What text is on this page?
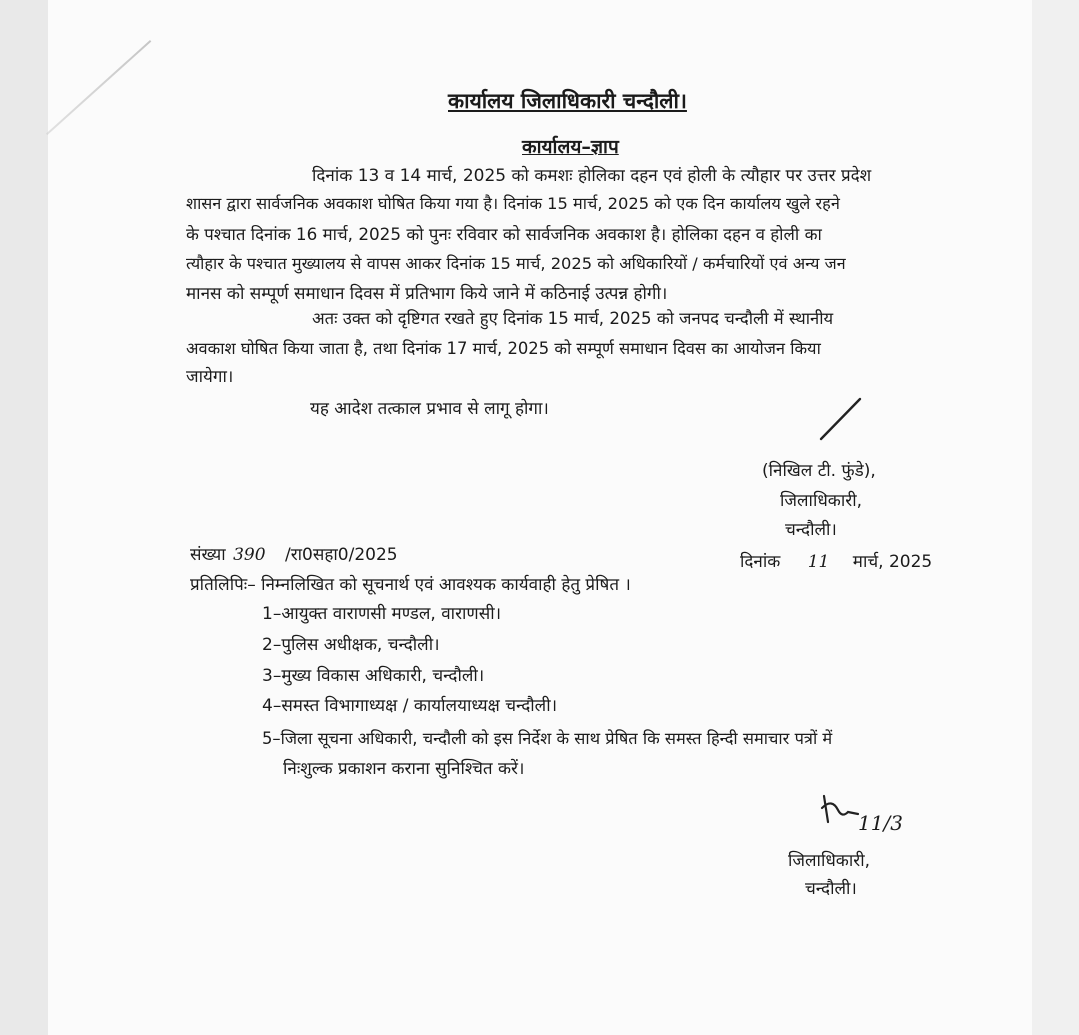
कार्यालय जिलाधिकारी चन्दौली।
कार्यालय–ज्ञाप
दिनांक 13 व 14 मार्च, 2025 को कमशः होलिका दहन एवं होली के त्यौहार पर उत्तर प्रदेश
शासन द्वारा सार्वजनिक अवकाश घोषित किया गया है। दिनांक 15 मार्च, 2025 को एक दिन कार्यालय खुले रहने
के पश्चात दिनांक 16 मार्च, 2025 को पुनः रविवार को सार्वजनिक अवकाश है। होलिका दहन व होली का
त्यौहार के पश्चात मुख्यालय से वापस आकर दिनांक 15 मार्च, 2025 को अधिकारियों / कर्मचारियों एवं अन्य जन
मानस को सम्पूर्ण समाधान दिवस में प्रतिभाग किये जाने में कठिनाई उत्पन्न होगी।
अतः उक्त को दृष्टिगत रखते हुए दिनांक 15 मार्च, 2025 को जनपद चन्दौली में स्थानीय
अवकाश घोषित किया जाता है, तथा दिनांक 17 मार्च, 2025 को सम्पूर्ण समाधान दिवस का आयोजन किया
जायेगा।
यह आदेश तत्काल प्रभाव से लागू होगा।
(निखिल टी. फुंडे),
जिलाधिकारी,
चन्दौली।
संख्या 390 /रा0सहा0/2025	दिनांक 11 मार्च, 2025
प्रतिलिपिः– निम्नलिखित को सूचनार्थ एवं आवश्यक कार्यवाही हेतु प्रेषित ।
1–आयुक्त वाराणसी मण्डल, वाराणसी।
2–पुलिस अधीक्षक, चन्दौली।
3–मुख्य विकास अधिकारी, चन्दौली।
4–समस्त विभागाध्यक्ष / कार्यालयाध्यक्ष चन्दौली।
5–जिला सूचना अधिकारी, चन्दौली को इस निर्देश के साथ प्रेषित कि समस्त हिन्दी समाचार पत्रों में
निःशुल्क प्रकाशन कराना सुनिश्चित करें।
11/3
जिलाधिकारी,
चन्दौली।
